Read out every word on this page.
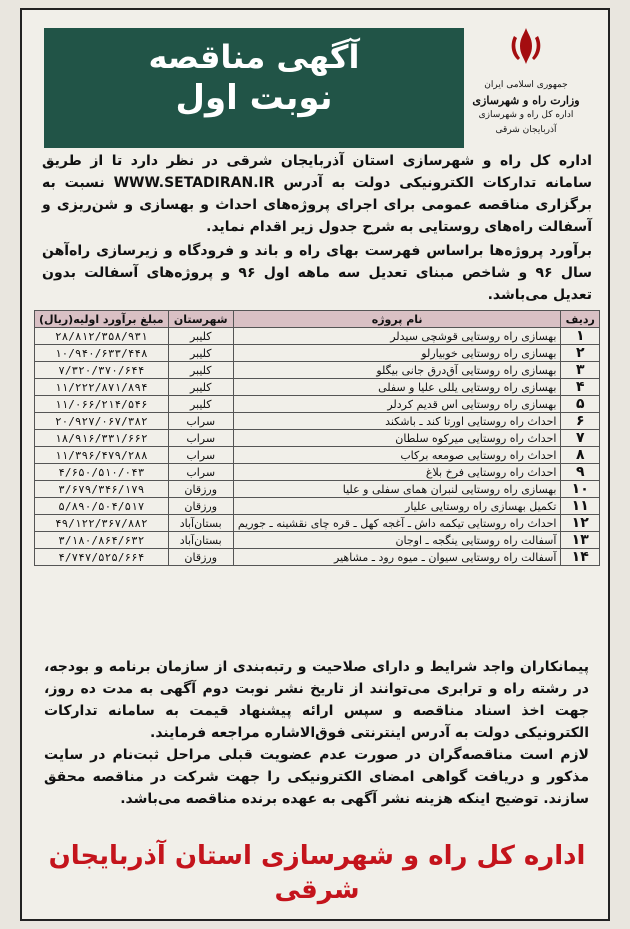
آگهی مناقصه
نوبت اول	جمهوری اسلامی ایران
وزارت راه و شهرسازی
اداره کل راه و شهرسازی آذربایجان شرقی

اداره کل راه و شهرسازی استان آذربایجان شرقی در نظر دارد تا از طریق سامانه تدارکات الکترونیکی دولت به آدرس WWW.SETADIRAN.IR نسبت به برگزاری مناقصه عمومی برای اجرای پروژه‌های احداث و بهسازی و شن‌ریزی و آسفالت راه‌های روستایی به شرح جدول زیر اقدام نماید.

برآورد پروژه‌ها براساس فهرست بهای راه و باند و فرودگاه و زیرسازی راه‌آهن سال ۹۶ و شاخص مبنای تعدیل سه ماهه اول ۹۶ و پروژه‌های آسفالت بدون تعدیل می‌باشد.

ردیف	نام پروژه	شهرستان	مبلغ برآورد اولیه(ریال)
۱	بهسازی راه روستایی قوشچی سیدلر	کلیبر	۲۸/۸۱۲/۳۵۸/۹۳۱
۲	بهسازی راه روستایی خوبیارلو	کلیبر	۱۰/۹۴۰/۶۳۳/۴۴۸
۳	بهسازی راه روستایی آق‌درق جانی بیگلو	کلیبر	۷/۳۲۰/۳۷۰/۶۴۴
۴	بهسازی راه روستایی یللی علیا و سفلی	کلیبر	۱۱/۲۲۲/۸۷۱/۸۹۴
۵	بهسازی راه روستایی اس قدیم کردلر	کلیبر	۱۱/۰۶۶/۲۱۴/۵۴۶
۶	احداث راه روستایی اورتا کند ـ باشکند	سراب	۲۰/۹۲۷/۰۶۷/۳۸۲
۷	احداث راه روستایی میرکوه سلطان	سراب	۱۸/۹۱۶/۳۳۱/۶۶۲
۸	احداث راه روستایی صومعه برکاب	سراب	۱۱/۳۹۶/۴۷۹/۲۸۸
۹	احداث راه روستایی فرخ بلاغ	سراب	۴/۶۵۰/۵۱۰/۰۴۳
۱۰	بهسازی راه روستایی لنبران همای سفلی و علیا	ورزقان	۳/۶۷۹/۳۴۶/۱۷۹
۱۱	تکمیل بهسازی راه روستایی علیار	ورزقان	۵/۸۹۰/۵۰۴/۵۱۷
۱۲	احداث راه روستایی تیکمه داش ـ آغجه کهل ـ قره چای نقشینه ـ جوریم	بستان‌آباد	۴۹/۱۲۲/۳۶۷/۸۸۲
۱۳	آسفالت راه روستایی ینگجه ـ اوجان	بستان‌آباد	۳/۱۸۰/۸۶۴/۶۳۲
۱۴	آسفالت راه روستایی سیوان ـ میوه رود ـ مشاهیر	ورزقان	۴/۷۴۷/۵۲۵/۶۶۴

پیمانکاران واجد شرایط و دارای صلاحیت و رتبه‌بندی از سازمان برنامه و بودجه، در رشته راه و ترابری می‌توانند از تاریخ نشر نوبت دوم آگهی به مدت ده روز، جهت اخذ اسناد مناقصه و سپس ارائه پیشنهاد قیمت به سامانه تدارکات الکترونیکی دولت به آدرس اینترنتی فوق‌الاشاره مراجعه فرمایند.

لازم است مناقصه‌گران در صورت عدم عضویت قبلی مراحل ثبت‌نام در سایت مذکور و دریافت گواهی امضای الکترونیکی را جهت شرکت در مناقصه محقق سازند. توضیح اینکه هزینه نشر آگهی به عهده برنده مناقصه می‌باشد.

اداره کل راه و شهرسازی استان آذربایجان شرقی
